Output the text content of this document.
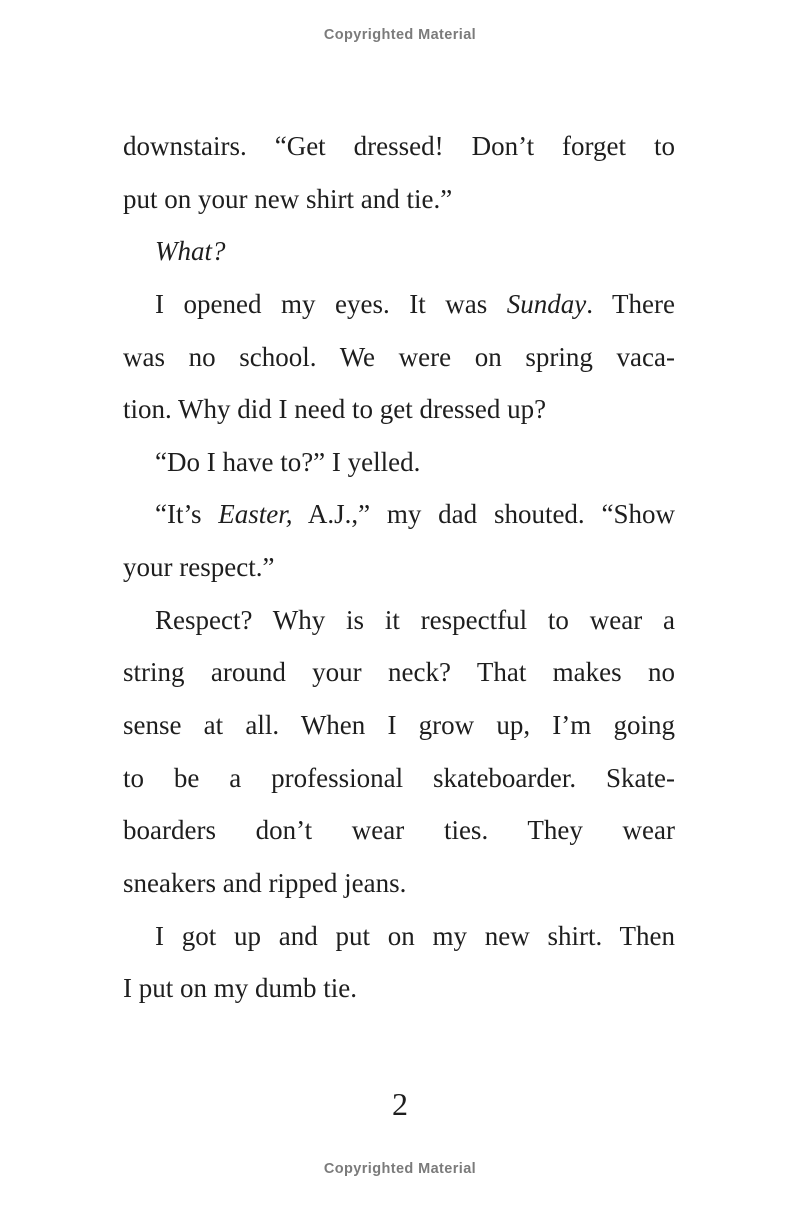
Copyrighted Material
downstairs. “Get dressed! Don’t forget to
put on your new shirt and tie.”
What?
I opened my eyes. It was Sunday. There
was no school. We were on spring vaca-
tion. Why did I need to get dressed up?
“Do I have to?” I yelled.
“It’s Easter, A.J.,” my dad shouted. “Show
your respect.”
Respect? Why is it respectful to wear a
string around your neck? That makes no
sense at all. When I grow up, I’m going
to be a professional skateboarder. Skate-
boarders don’t wear ties. They wear
sneakers and ripped jeans.
I got up and put on my new shirt. Then
I put on my dumb tie.
2
Copyrighted Material
